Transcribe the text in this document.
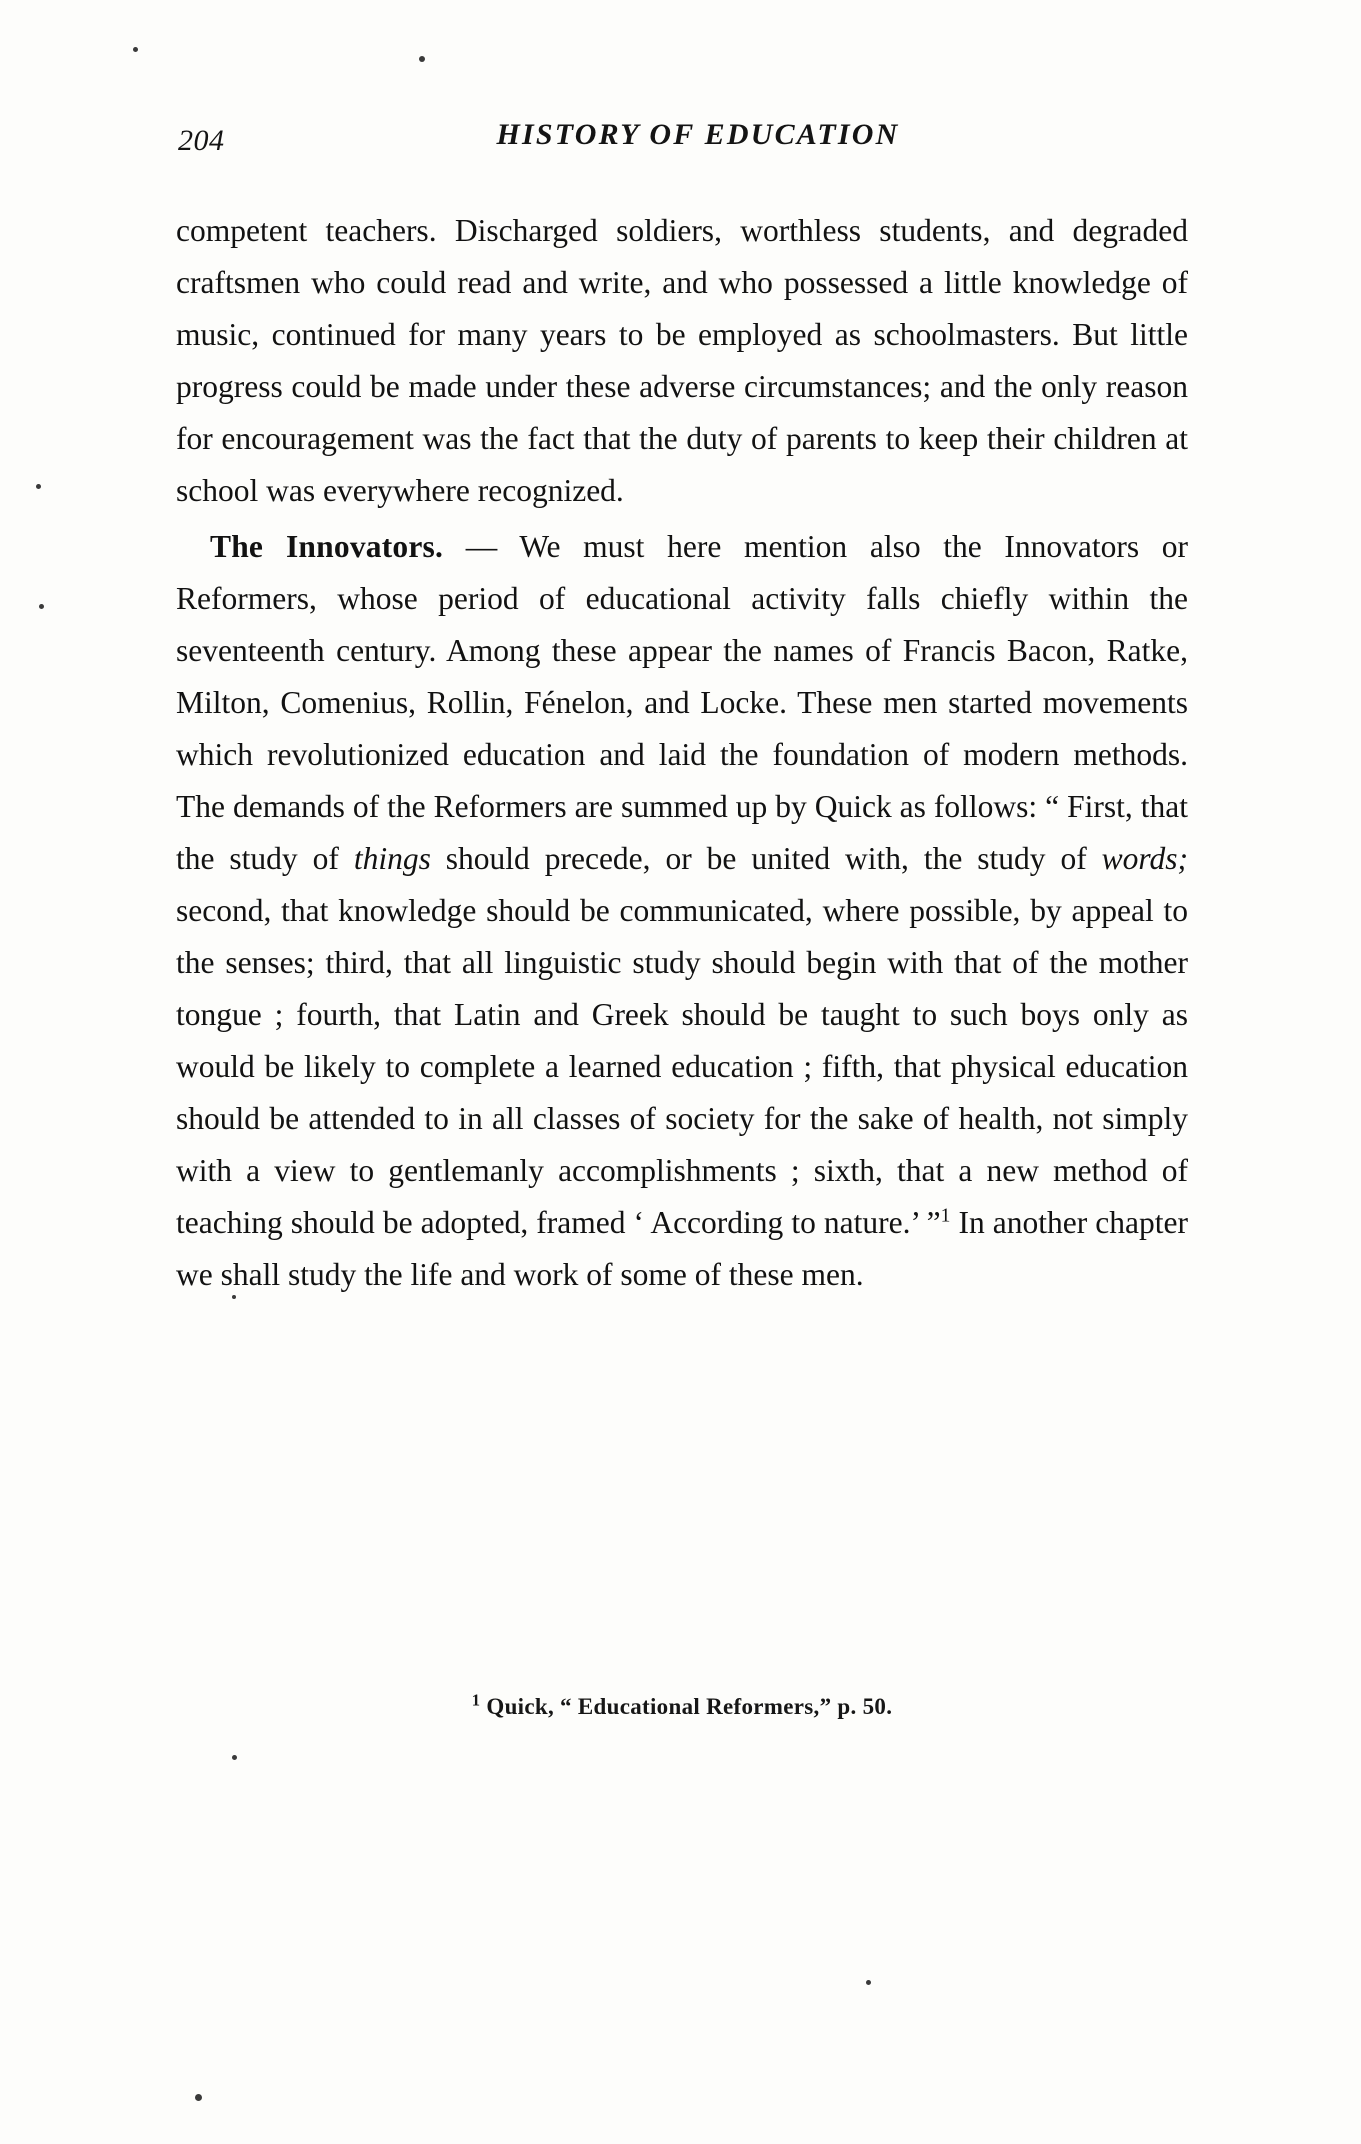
204	HISTORY OF EDUCATION

competent teachers. Discharged soldiers, worthless students, and degraded craftsmen who could read and write, and who possessed a little knowledge of music, continued for many years to be employed as schoolmasters. But little progress could be made under these adverse circumstances; and the only reason for encouragement was the fact that the duty of parents to keep their children at school was everywhere recognized.

The Innovators. — We must here mention also the Innovators or Reformers, whose period of educational activity falls chiefly within the seventeenth century. Among these appear the names of Francis Bacon, Ratke, Milton, Comenius, Rollin, Fénelon, and Locke. These men started movements which revolutionized education and laid the foundation of modern methods. The demands of the Reformers are summed up by Quick as follows: “ First, that the study of things should precede, or be united with, the study of words; second, that knowledge should be communicated, where possible, by appeal to the senses; third, that all linguistic study should begin with that of the mother tongue ; fourth, that Latin and Greek should be taught to such boys only as would be likely to complete a learned education ; fifth, that physical education should be attended to in all classes of society for the sake of health, not simply with a view to gentlemanly accomplishments ; sixth, that a new method of teaching should be adopted, framed ‘ According to nature.’ ”$^1$ In another chapter we shall study the life and work of some of these men.

$^1$ Quick, “ Educational Reformers,” p. 50.
